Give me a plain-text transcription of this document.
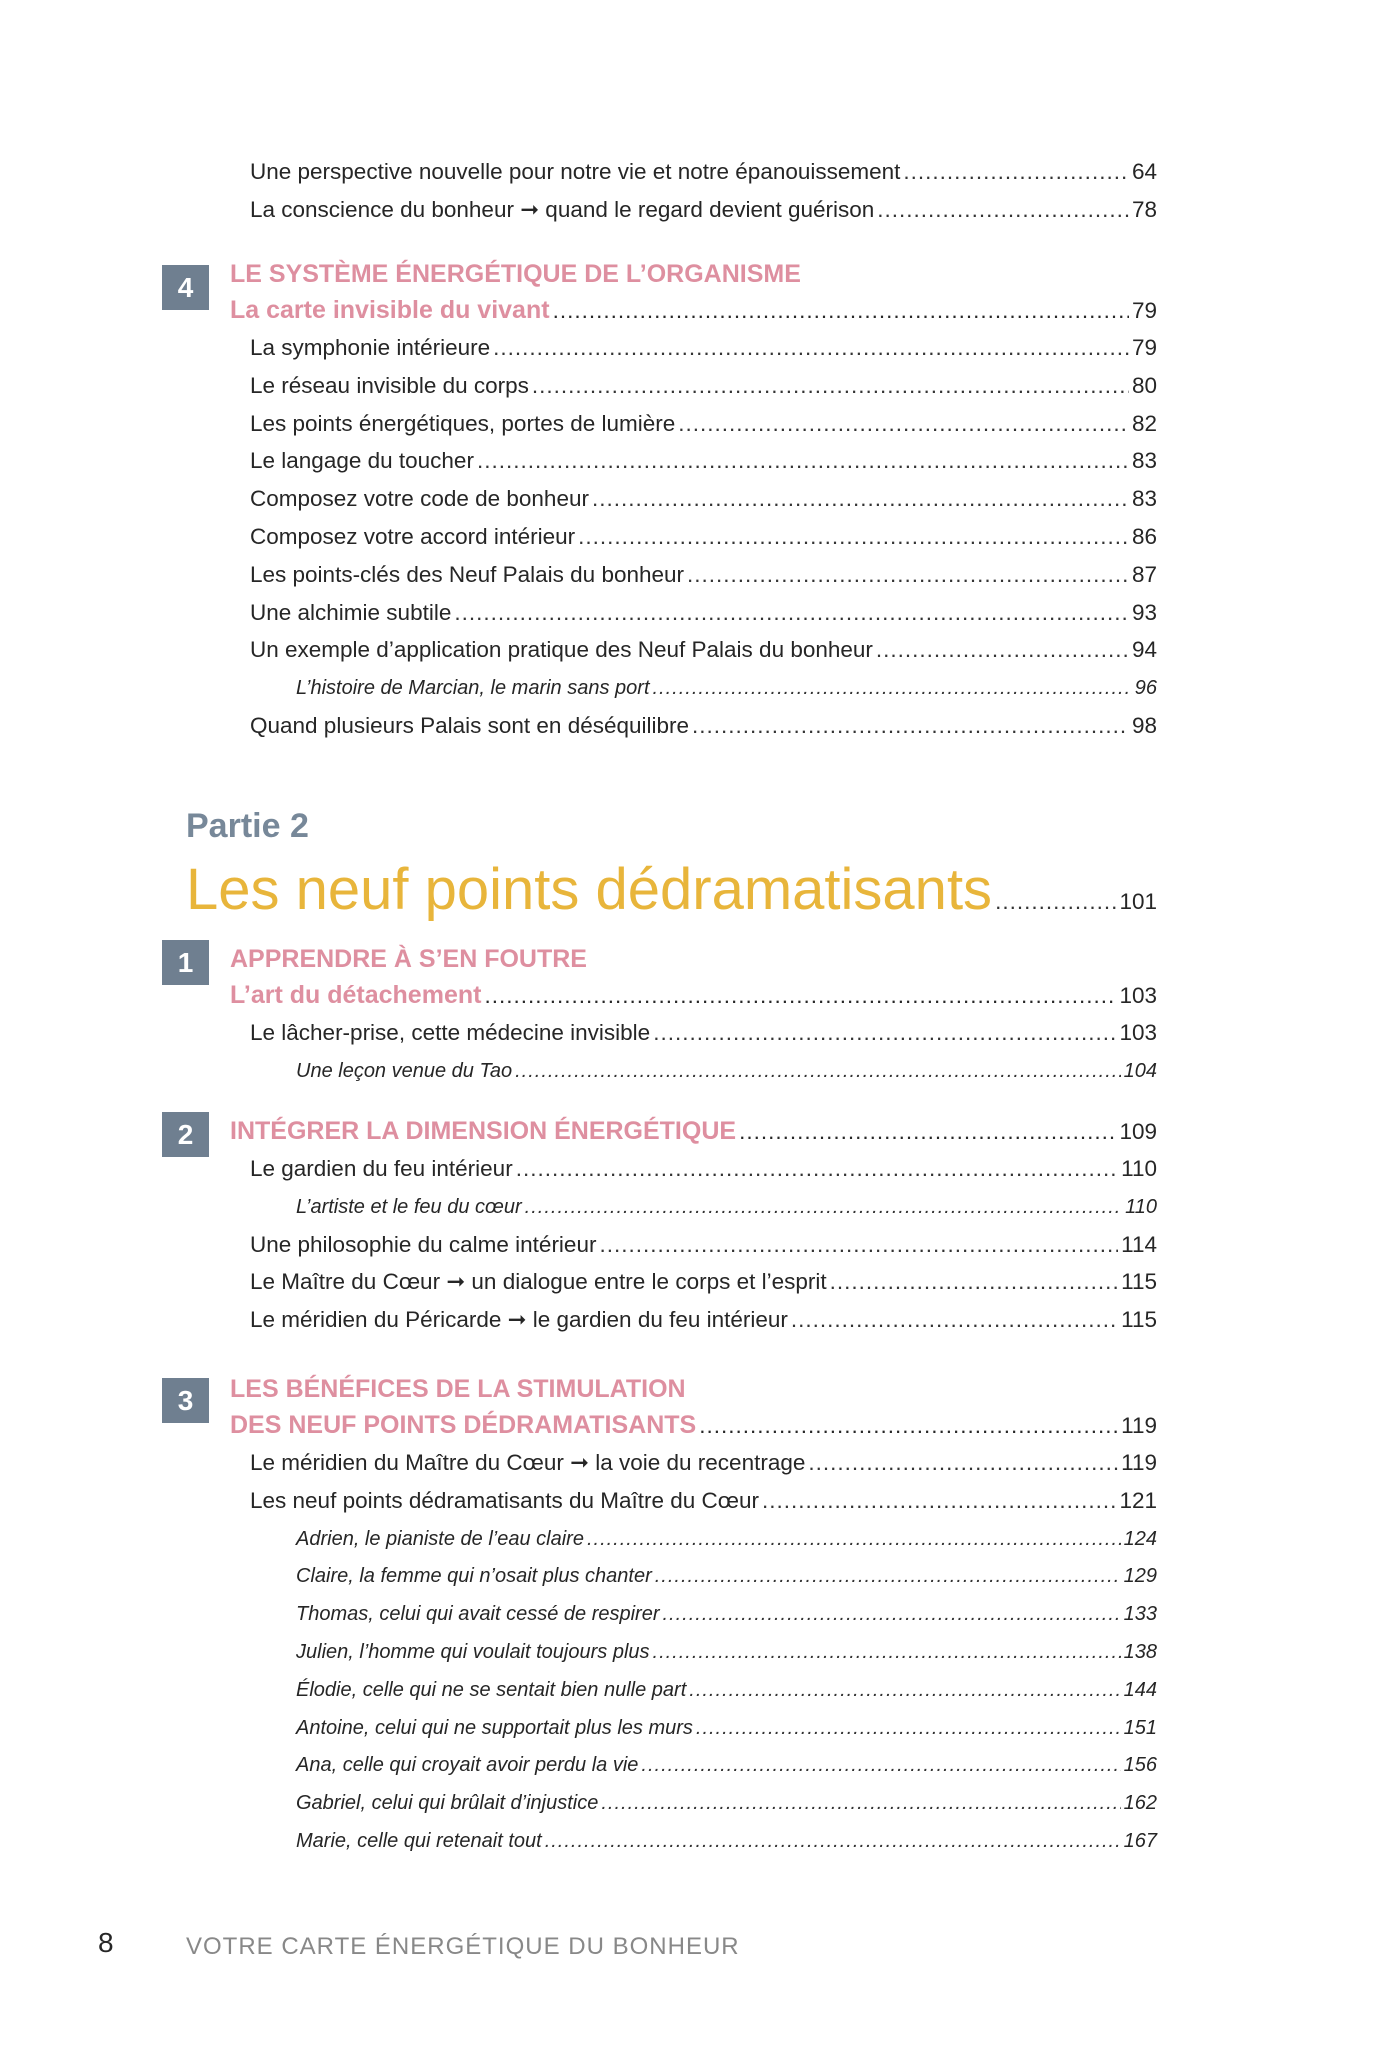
Une perspective nouvelle pour notre vie et notre épanouissement .....	64
La conscience du bonheur ➞ quand le regard devient guérison .....	78
4	LE SYSTÈME ÉNERGÉTIQUE DE L’ORGANISME
La carte invisible du vivant .....	79
La symphonie intérieure .....	79
Le réseau invisible du corps .....	80
Les points énergétiques, portes de lumière .....	82
Le langage du toucher .....	83
Composez votre code de bonheur .....	83
Composez votre accord intérieur .....	86
Les points-clés des Neuf Palais du bonheur .....	87
Une alchimie subtile .....	93
Un exemple d’application pratique des Neuf Palais du bonheur .....	94
L’histoire de Marcian, le marin sans port .....	96
Quand plusieurs Palais sont en déséquilibre .....	98
Partie 2
Les neuf points dédramatisants .....	101
1	APPRENDRE À S’EN FOUTRE
L’art du détachement .....	103
Le lâcher-prise, cette médecine invisible .....	103
Une leçon venue du Tao .....	104
2	INTÉGRER LA DIMENSION ÉNERGÉTIQUE .....	109
Le gardien du feu intérieur .....	110
L’artiste et le feu du cœur .....	110
Une philosophie du calme intérieur .....	114
Le Maître du Cœur ➞ un dialogue entre le corps et l’esprit .....	115
Le méridien du Péricarde ➞ le gardien du feu intérieur .....	115
3	LES BÉNÉFICES DE LA STIMULATION
DES NEUF POINTS DÉDRAMATISANTS .....	119
Le méridien du Maître du Cœur ➞ la voie du recentrage .....	119
Les neuf points dédramatisants du Maître du Cœur .....	121
Adrien, le pianiste de l’eau claire .....	124
Claire, la femme qui n’osait plus chanter .....	129
Thomas, celui qui avait cessé de respirer .....	133
Julien, l’homme qui voulait toujours plus .....	138
Élodie, celle qui ne se sentait bien nulle part .....	144
Antoine, celui qui ne supportait plus les murs .....	151
Ana, celle qui croyait avoir perdu la vie .....	156
Gabriel, celui qui brûlait d’injustice .....	162
Marie, celle qui retenait tout .....	167
8	VOTRE CARTE ÉNERGÉTIQUE DU BONHEUR
